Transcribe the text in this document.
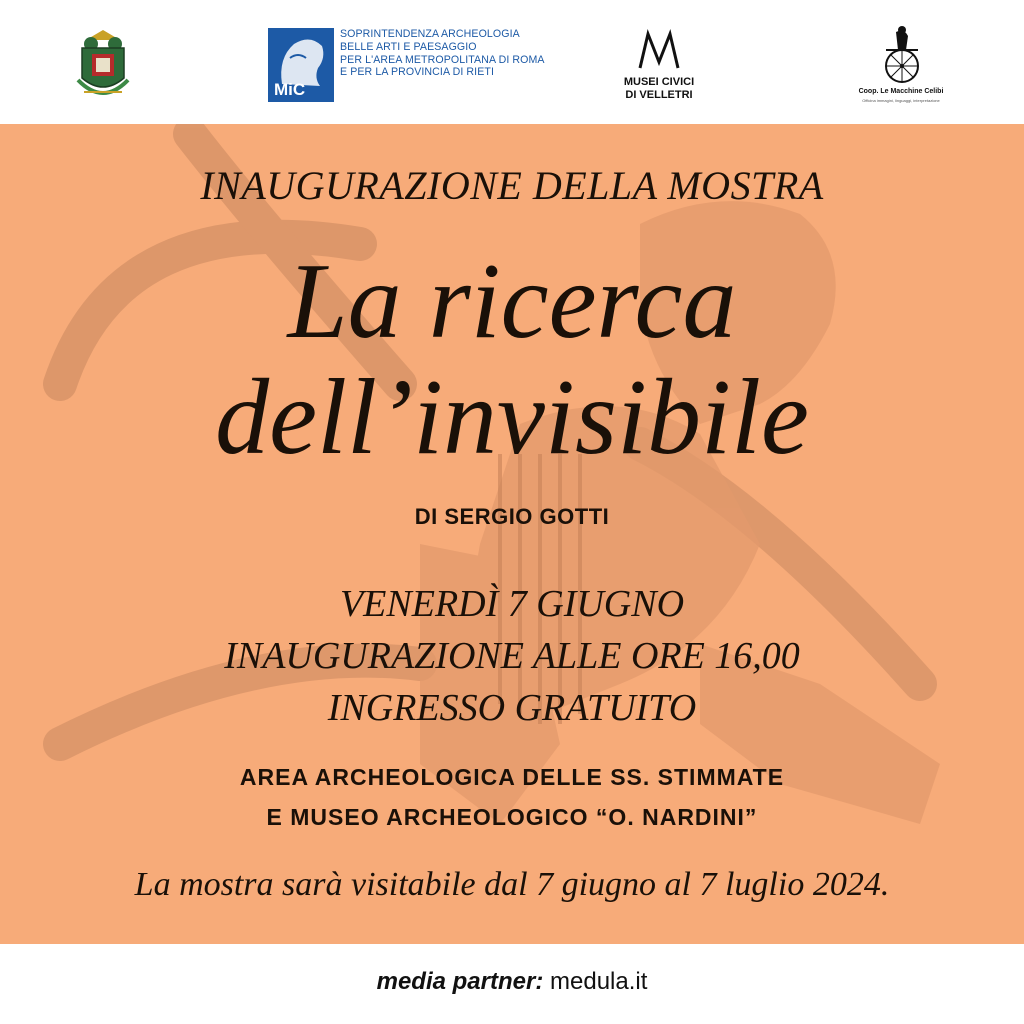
MiC
SOPRINTENDENZA ARCHEOLOGIA
BELLE ARTI E PAESAGGIO
PER L'AREA METROPOLITANA DI ROMA
E PER LA PROVINCIA DI RIETI
MUSEI CIVICI
DI VELLETRI	Coop. Le Macchine Celibi
Officina immagini, linguaggi, interpretazione
INAUGURAZIONE DELLA MOSTRA
La ricerca
dell’invisibile
DI SERGIO GOTTI
VENERDÌ 7 GIUGNO
INAUGURAZIONE ALLE ORE 16,00
INGRESSO GRATUITO
AREA ARCHEOLOGICA DELLE SS. STIMMATE
E MUSEO ARCHEOLOGICO “O. NARDINI”
La mostra sarà visitabile dal 7 giugno al 7 luglio 2024.
media partner: medula.it
